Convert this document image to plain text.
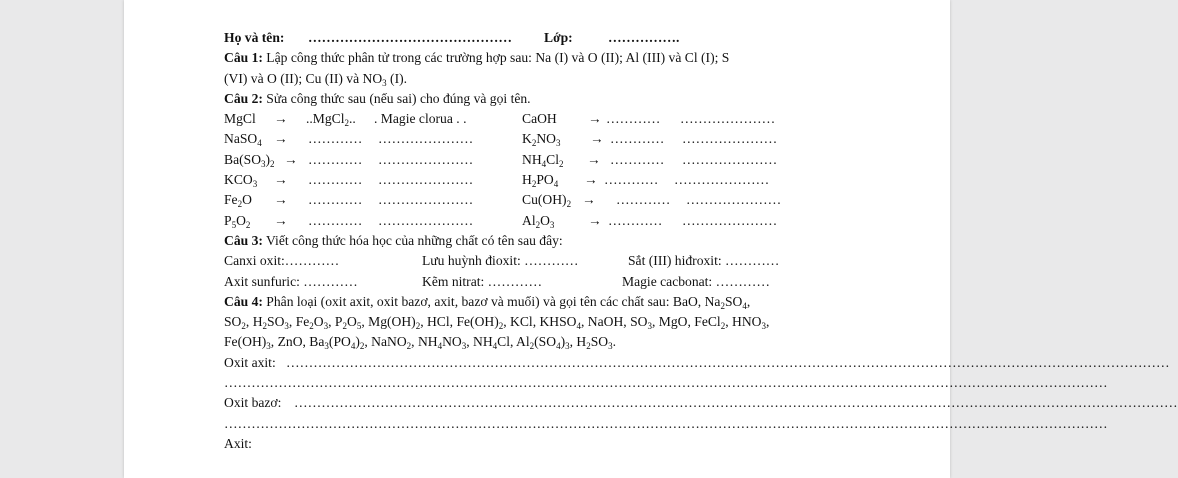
Họ và tên: ……………………………………… Lớp:	…………….
Câu 1: Lập công thức phân tử trong các trường hợp sau: Na (I) và O (II); Al (III) và Cl (I); S
(VI) và O (II); Cu (II) và $NO_3$ (I).
Câu 2: Sửa công thức sau (nếu sai) cho đúng và gọi tên.
MgCl → ..MgCl$_2$.. . Magie clorua . .	CaOH → ………… …………………
NaSO$_4$ → ………… …………………	$K_2NO_3$ → ………… …………………
$Ba(SO_3)_2$ → ………… …………………	$NH_4Cl_2$ → ………… …………………
$KCO_3$ → ………… …………………	$H_2PO_4$ → ………… …………………
$Fe_2O$ → ………… …………………	$Cu(OH)_2$ → ………… …………………
$P_5O_2$ → ………… …………………	$Al_2O_3$ → ………… …………………
Câu 3: Viết công thức hóa học của những chất có tên sau đây:
Canxi oxit:…………	Lưu huỳnh đioxit: …………	Sắt (III) hiđroxit: …………
Axit sunfuric: …………	Kẽm nitrat: …………	Magie cacbonat: …………
Câu 4: Phân loại (oxit axit, oxit bazơ, axit, bazơ và muối) và gọi tên các chất sau: BaO, $Na_2SO_4$,
$SO_2$, $H_2SO_3$, $Fe_2O_3$, $P_2O_5$, $Mg(OH)_2$, HCl, $Fe(OH)_2$, KCl, $KHSO_4$, NaOH, $SO_3$, MgO, FeCl$_2$, $HNO_3$,
$Fe(OH)_3$, ZnO, $Ba_3(PO_4)_2$, NaNO$_2$, $NH_4NO_3$, $NH_4Cl$, $Al_2(SO_4)_3$, $H_2SO_3$.
Oxit axit: ……………………………………………………………………………………………………………………………………………………………………………
……………………………………………………………………………………………………………………………………………………………………………
Oxit bazơ: ……………………………………………………………………………………………………………………………………………………………………………
……………………………………………………………………………………………………………………………………………………………………………
Axit:
